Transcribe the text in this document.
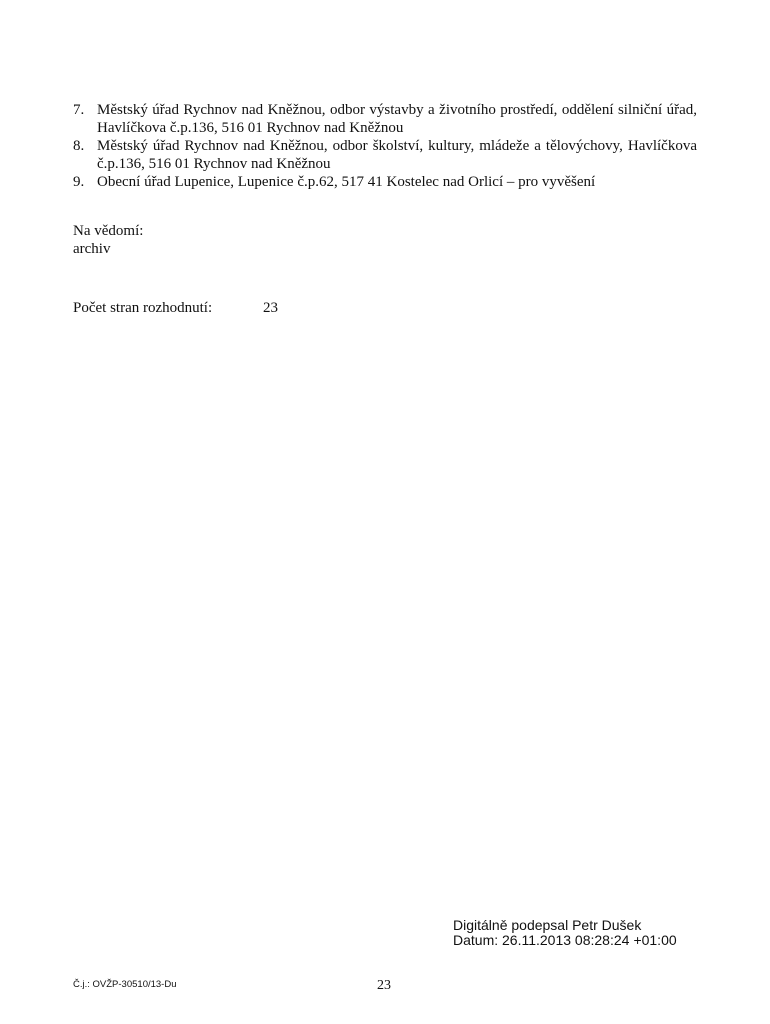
7. Městský úřad Rychnov nad Kněžnou, odbor výstavby a životního prostředí, oddělení silniční úřad, Havlíčkova č.p.136, 516 01 Rychnov nad Kněžnou
8. Městský úřad Rychnov nad Kněžnou, odbor školství, kultury, mládeže a tělovýchovy, Havlíčkova č.p.136, 516 01 Rychnov nad Kněžnou
9. Obecní úřad Lupenice, Lupenice č.p.62, 517 41 Kostelec nad Orlicí – pro vyvěšení
Na vědomí:
archiv
Počet stran rozhodnutí:	23
Digitálně podepsal Petr Dušek
Datum: 26.11.2013 08:28:24 +01:00
Č.j.: OVŽP-30510/13-Du	23
